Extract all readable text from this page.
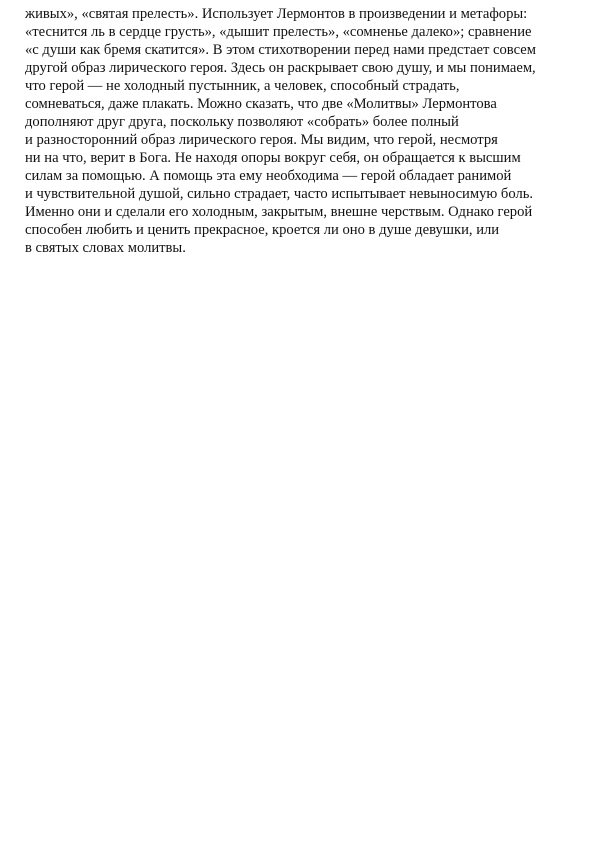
живых», «святая прелесть». Использует Лермонтов в произведении и метафоры:
«теснится ль в сердце грусть», «дышит прелесть», «сомненье далеко»; сравнение
«с души как бремя скатится». В этом стихотворении перед нами предстает совсем
другой образ лирического героя. Здесь он раскрывает свою душу, и мы понимаем,
что герой — не холодный пустынник, а человек, способный страдать,
сомневаться, даже плакать. Можно сказать, что две «Молитвы» Лермонтова
дополняют друг друга, поскольку позволяют «собрать» более полный
и разносторонний образ лирического героя. Мы видим, что герой, несмотря
ни на что, верит в Бога. Не находя опоры вокруг себя, он обращается к высшим
силам за помощью. А помощь эта ему необходима — герой обладает ранимой
и чувствительной душой, сильно страдает, часто испытывает невыносимую боль.
Именно они и сделали его холодным, закрытым, внешне черствым. Однако герой
способен любить и ценить прекрасное, кроется ли оно в душе девушки, или
в святых словах молитвы.
